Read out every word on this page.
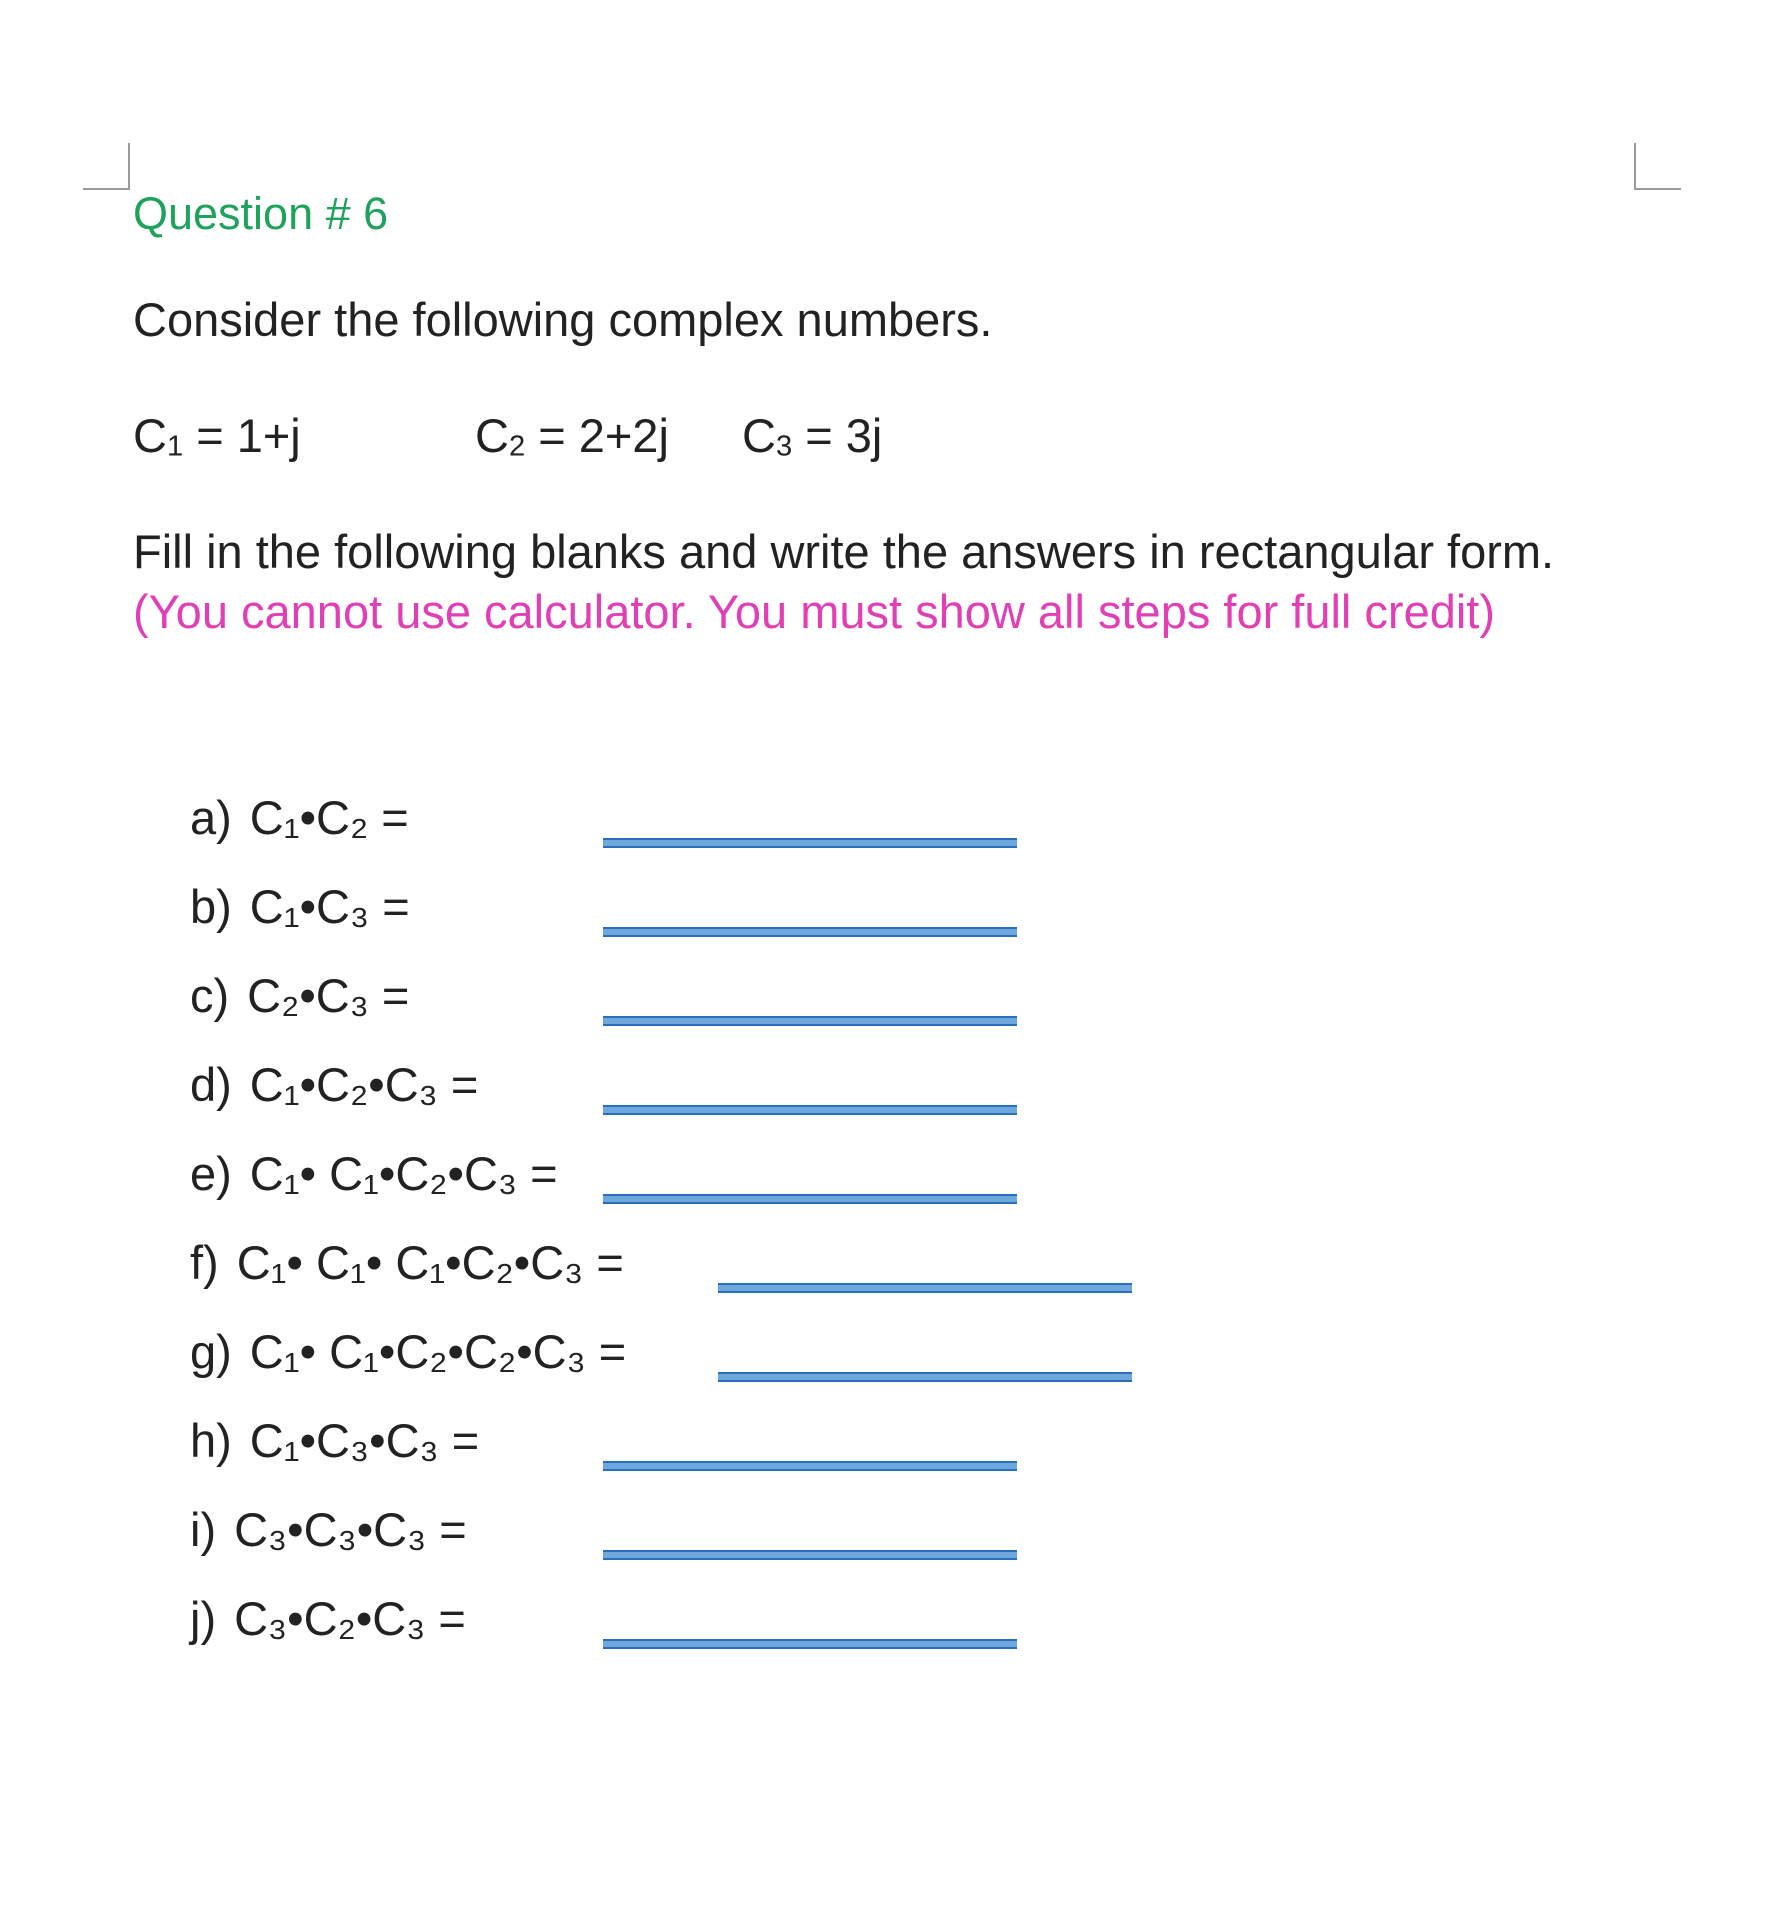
Question # 6
Consider the following complex numbers.
$C_1 = 1+j$	$C_2 = 2+2j$ $C_3 = 3j$
Fill in the following blanks and write the answers in rectangular form. (You cannot use calculator. You must show all steps for full credit)
a) C₁•C₂ =
b) C₁•C₃ =
c) C₂•C₃ =
d) C₁•C₂•C₃ =
e) C₁• C₁•C₂•C₃ =
f) C₁• C₁• C₁•C₂•C₃ =
g) C₁• C₁•C₂•C₂•C₃ =
h) C₁•C₃•C₃ =
i) C₃•C₃•C₃ =
j) C₃•C₂•C₃ =
